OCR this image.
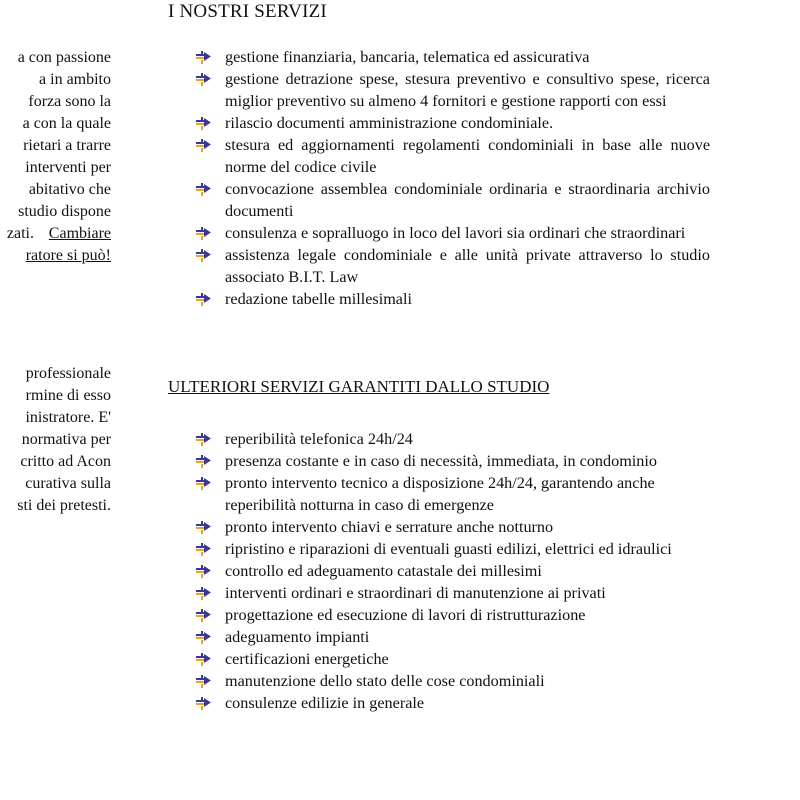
a con passione
a in ambito
forza sono la
a con la quale
rietari a trarre
interventi per
abitativo che
studio dispone
zati. Cambiare
ratore si può!
professionale
rmine di esso
inistratore. E'
normativa per
critto ad Acon
curativa sulla
sti dei pretesti.
I NOSTRI SERVIZI
gestione finanziaria, bancaria, telematica ed assicurativa
gestione detrazione spese, stesura preventivo e consultivo spese, ricerca miglior preventivo su almeno 4 fornitori e gestione rapporti con essi
rilascio documenti amministrazione condominiale.
stesura ed aggiornamenti regolamenti condominiali in base alle nuove norme del codice civile
convocazione assemblea condominiale ordinaria e straordinaria archivio documenti
consulenza e sopralluogo in loco del lavori sia ordinari che straordinari
assistenza legale condominiale e alle unità private attraverso lo studio associato B.I.T. Law
redazione tabelle millesimali
ULTERIORI SERVIZI GARANTITI DALLO STUDIO
reperibilità telefonica 24h/24
presenza costante e in caso di necessità, immediata, in condominio
pronto intervento tecnico a disposizione 24h/24, garantendo anche reperibilità notturna in caso di emergenze
pronto intervento chiavi e serrature anche notturno
ripristino e riparazioni di eventuali guasti edilizi, elettrici ed idraulici
controllo ed adeguamento catastale dei millesimi
interventi ordinari e straordinari di manutenzione ai privati
progettazione ed esecuzione di lavori di ristrutturazione
adeguamento impianti
certificazioni energetiche
manutenzione dello stato delle cose condominiali
consulenze edilizie in generale
